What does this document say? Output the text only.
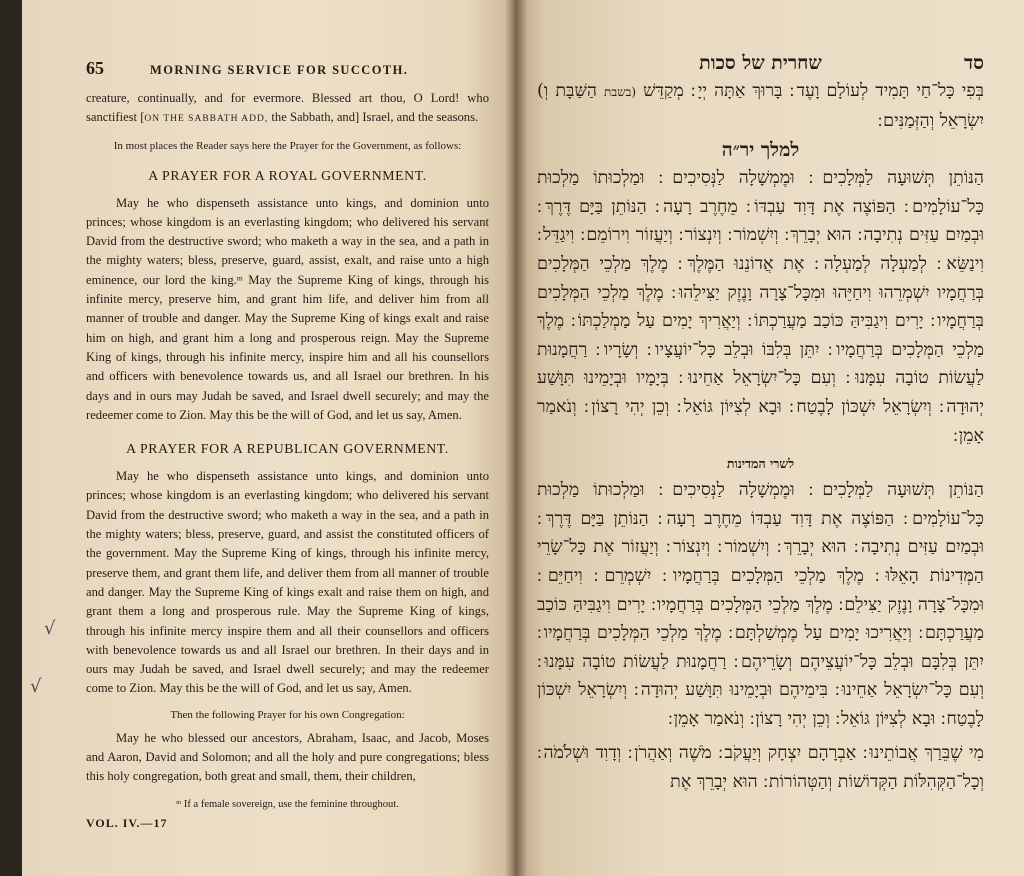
65	MORNING SERVICE FOR SUCCOTH.

creature, continually, and for evermore. Blessed art thou, O Lord! who sanctifiest [ON THE SABBATH ADD, the Sabbath, and] Israel, and the seasons.

In most places the Reader says here the Prayer for the Government, as follows:
A PRAYER FOR A ROYAL GOVERNMENT.

May he who dispenseth assistance unto kings, and dominion unto princes; whose kingdom is an everlasting kingdom; who delivered his servant David from the destructive sword; who maketh a way in the sea, and a path in the mighty waters; bless, preserve, guard, assist, exalt, and raise unto a high eminence, our lord the king.ᵐ May the Supreme King of kings, through his infinite mercy, preserve him, and grant him life, and deliver him from all manner of trouble and danger. May the Supreme King of kings exalt and raise him on high, and grant him a long and prosperous reign. May the Supreme King of kings, through his infinite mercy, inspire him and all his counsellors and officers with benevolence towards us, and all Israel our brethren. In his days and in ours may Judah be saved, and Israel dwell securely; and may the redeemer come to Zion. May this be the will of God, and let us say, Amen.

A PRAYER FOR A REPUBLICAN GOVERNMENT.

May he who dispenseth assistance unto kings, and dominion unto princes; whose kingdom is an everlasting kingdom; who delivered his servant David from the destructive sword; who maketh a way in the sea, and a path in the mighty waters; bless, preserve, guard, and assist the constituted officers of the government. May the Supreme King of kings, through his infinite mercy, preserve them, and grant them life, and deliver them from all manner of trouble and danger. May the Supreme King of kings exalt and raise them on high, and grant them a long and prosperous rule. May the Supreme King of kings, through his infinite mercy inspire them and all their counsellors and officers with benevolence towards us and all Israel our brethren. In their days and in ours may Judah be saved, and Israel dwell securely; and may the redeemer come to Zion. May this be the will of God, and let us say, Amen.

Then the following Prayer for his own Congregation:

May he who blessed our ancestors, Abraham, Isaac, and Jacob, Moses and Aaron, David and Solomon; and all the holy and pure congregations; bless this holy congregation, both great and small, them, their children,

ᵐ If a female sovereign, use the feminine throughout.
VOL. IV.—17
√
√
סד
שחרית של סכות

בְּפִי כָּל־חַי תָּמִיד לְעוֹלָם וָעֶד ׃ בָּרוּךְ אַתָּה יְיָ ׃ מְקַדֵּשׁ (בשבת הַשַּׁבָּת וְ) יִשְׂרָאֵל וְהַזְּמַנִּים ׃

למלך יר״ה

הַנּוֹתֵן תְּשׁוּעָה לַמְּלָכִים ׃ וּמֶמְשָׁלָה לַנְּסִיכִים ׃ וּמַלְכוּתוֹ מַלְכוּת כָּל־עוֹלָמִים ׃ הַפּוֹצֶה אֶת דָּוִד עַבְדּוֹ ׃ מֵחֶרֶב רָעָה ׃ הַנּוֹתֵן בַּיָּם דֶּרֶךְ ׃ וּבְמַיִם עַזִּים נְתִיבָה ׃ הוּא יְבָרֵךְ ׃ וְיִשְׁמוֹר ׃ וְיִנְצוֹר ׃ וְיַעֲזוֹר וִירוֹמֵם ׃ וִיגַדֵּל ׃ וִינַשֵּׂא ׃ לְמַעְלָה לְמַעְלָה ׃ אֶת אֲדוֹנֵנוּ הַמֶּלֶךְ ׃ מֶלֶךְ מַלְכֵי הַמְּלָכִים בְּרַחֲמָיו יִשְׁמְרֵהוּ וִיחַיֵּהוּ וּמִכָּל־צָרָה וָנֶזֶק יַצִּילֵהוּ ׃ מֶלֶךְ מַלְכֵי הַמְּלָכִים בְּרַחֲמָיו ׃ יָרִים וִיגַבִּיהַּ כּוֹכַב מַעֲרַכְתּוֹ ׃ וְיַאֲרִיךְ יָמִים עַל מַמְלַכְתּוֹ ׃ מֶלֶךְ מַלְכֵי הַמְּלָכִים בְּרַחֲמָיו ׃ יִתֵּן בְּלִבּוֹ וּבְלֵב כָּל־יוֹעֲצָיו ׃ וְשָׂרָיו ׃ רַחֲמָנוּת לַעֲשׂוֹת טוֹבָה עִמָּנוּ ׃ וְעִם כָּל־יִשְׂרָאֵל אַחֵינוּ ׃ בְּיָמָיו וּבְיָמֵינוּ תִּוָּשַׁע יְהוּדָה ׃ וְיִשְׂרָאֵל יִשְׁכּוֹן לָבֶטַח ׃ וּבָא לְצִיּוֹן גּוֹאֵל ׃ וְכֵן יְהִי רָצוֹן ׃ וְנֹאמַר אָמֵן ׃

לשרי המדינות

הַנּוֹתֵן תְּשׁוּעָה לַמְּלָכִים ׃ וּמֶמְשָׁלָה לַנְּסִיכִים ׃ וּמַלְכוּתוֹ מַלְכוּת כָּל־עוֹלָמִים ׃ הַפּוֹצֶה אֶת דָּוִד עַבְדּוֹ מֵחֶרֶב רָעָה ׃ הַנּוֹתֵן בַּיָּם דֶּרֶךְ ׃ וּבְמַיִם עַזִּים נְתִיבָה ׃ הוּא יְבָרֵךְ ׃ וְיִשְׁמוֹר ׃ וְיִנְצוֹר ׃ וְיַעֲזוֹר אֶת כָּל־שָׂרֵי הַמְּדִינוֹת הָאֵלּוּ ׃ מֶלֶךְ מַלְכֵי הַמְּלָכִים בְּרַחֲמָיו ׃ יִשְׁמְרֵם ׃ וִיחַיֵּם ׃ וּמִכָּל־צָרָה וָנֶזֶק יַצִּילֵם ׃ מֶלֶךְ מַלְכֵי הַמְּלָכִים בְּרַחֲמָיו ׃ יָרִים וִיגַבִּיהַּ כּוֹכַב מַעֲרַכְתָּם ׃ וְיַאֲרִיכוּ יָמִים עַל מֶמְשַׁלְתָּם ׃ מֶלֶךְ מַלְכֵי הַמְּלָכִים בְּרַחֲמָיו ׃ יִתֵּן בְּלִבָּם וּבְלֵב כָּל־יוֹעֲצֵיהֶם וְשָׂרֵיהֶם ׃ רַחֲמָנוּת לַעֲשׂוֹת טוֹבָה עִמָּנוּ ׃ וְעִם כָּל־יִשְׂרָאֵל אַחֵינוּ ׃ בִּימֵיהֶם וּבְיָמֵינוּ תִּוָּשַׁע יְהוּדָה ׃ וְיִשְׂרָאֵל יִשְׁכּוֹן לָבֶטַח ׃ וּבָא לְצִיּוֹן גּוֹאֵל ׃ וְכֵן יְהִי רָצוֹן ׃ וְנֹאמַר אָמֵן ׃

מִי שֶׁבֵּרַךְ אֲבוֹתֵינוּ ׃ אַבְרָהָם יִצְחָק וְיַעֲקֹב ׃ מֹשֶׁה וְאַהֲרֹן ׃ וְדָוִד וּשְׁלֹמֹה ׃ וְכָל־הַקְּהִלּוֹת הַקְּדוֹשׁוֹת וְהַטְּהוֹרוֹת ׃ הוּא יְבָרֵךְ אֶת
